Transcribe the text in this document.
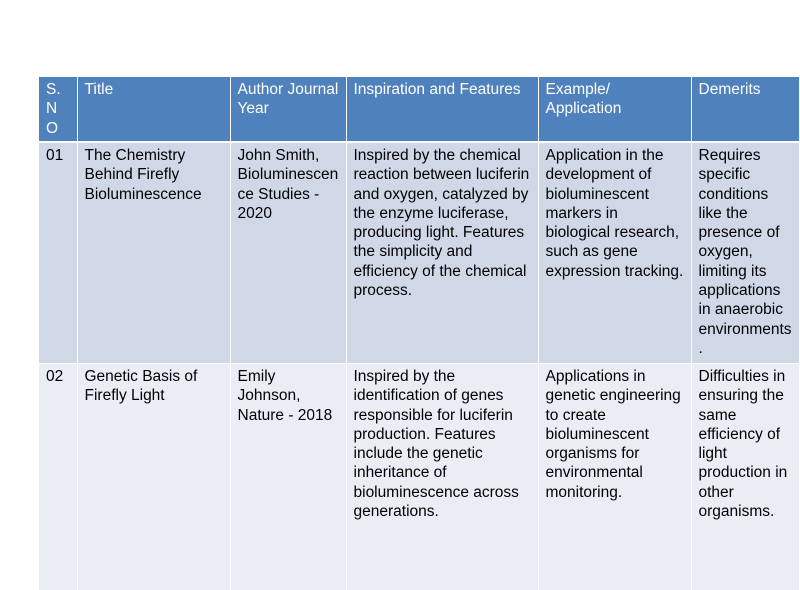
S. N O	Title	Author Journal Year	Inspiration and Features	Example/ Application	Demerits
01	The Chemistry Behind Firefly Bioluminescence	John Smith, Bioluminescence Studies - 2020	Inspired by the chemical reaction between luciferin and oxygen, catalyzed by the enzyme luciferase, producing light. Features the simplicity and efficiency of the chemical process.	Application in the development of bioluminescent markers in biological research, such as gene expression tracking.	Requires specific conditions like the presence of oxygen, limiting its applications in anaerobic environments.
02	Genetic Basis of Firefly Light	Emily Johnson, Nature - 2018	Inspired by the identification of genes responsible for luciferin production. Features include the genetic inheritance of bioluminescence across generations.	Applications in genetic engineering to create bioluminescent organisms for environmental monitoring.	Difficulties in ensuring the same efficiency of light production in other organisms.
